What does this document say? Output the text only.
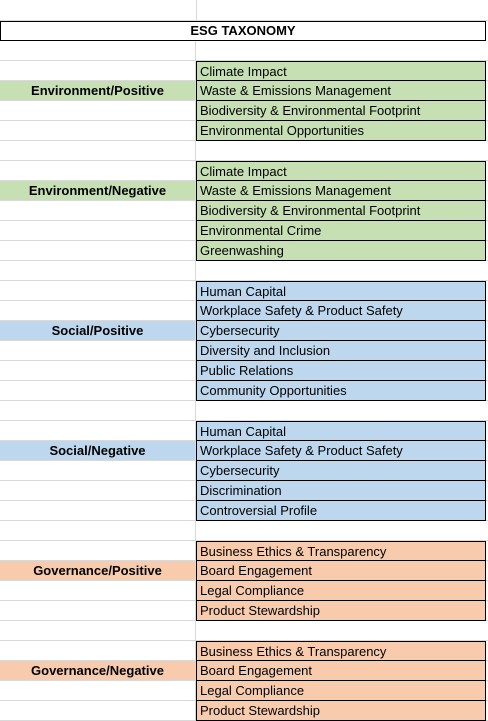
ESG TAXONOMY
Climate Impact
Environment/Positive	Waste & Emissions Management
Biodiversity & Environmental Footprint
Environmental Opportunities
Climate Impact
Environment/Negative	Waste & Emissions Management
Biodiversity & Environmental Footprint
Environmental Crime
Greenwashing
Human Capital
Workplace Safety & Product Safety
Social/Positive	Cybersecurity
Diversity and Inclusion
Public Relations
Community Opportunities
Human Capital
Social/Negative	Workplace Safety & Product Safety
Cybersecurity
Discrimination
Controversial Profile
Business Ethics & Transparency
Governance/Positive	Board Engagement
Legal Compliance
Product Stewardship
Business Ethics & Transparency
Governance/Negative	Board Engagement
Legal Compliance
Product Stewardship
